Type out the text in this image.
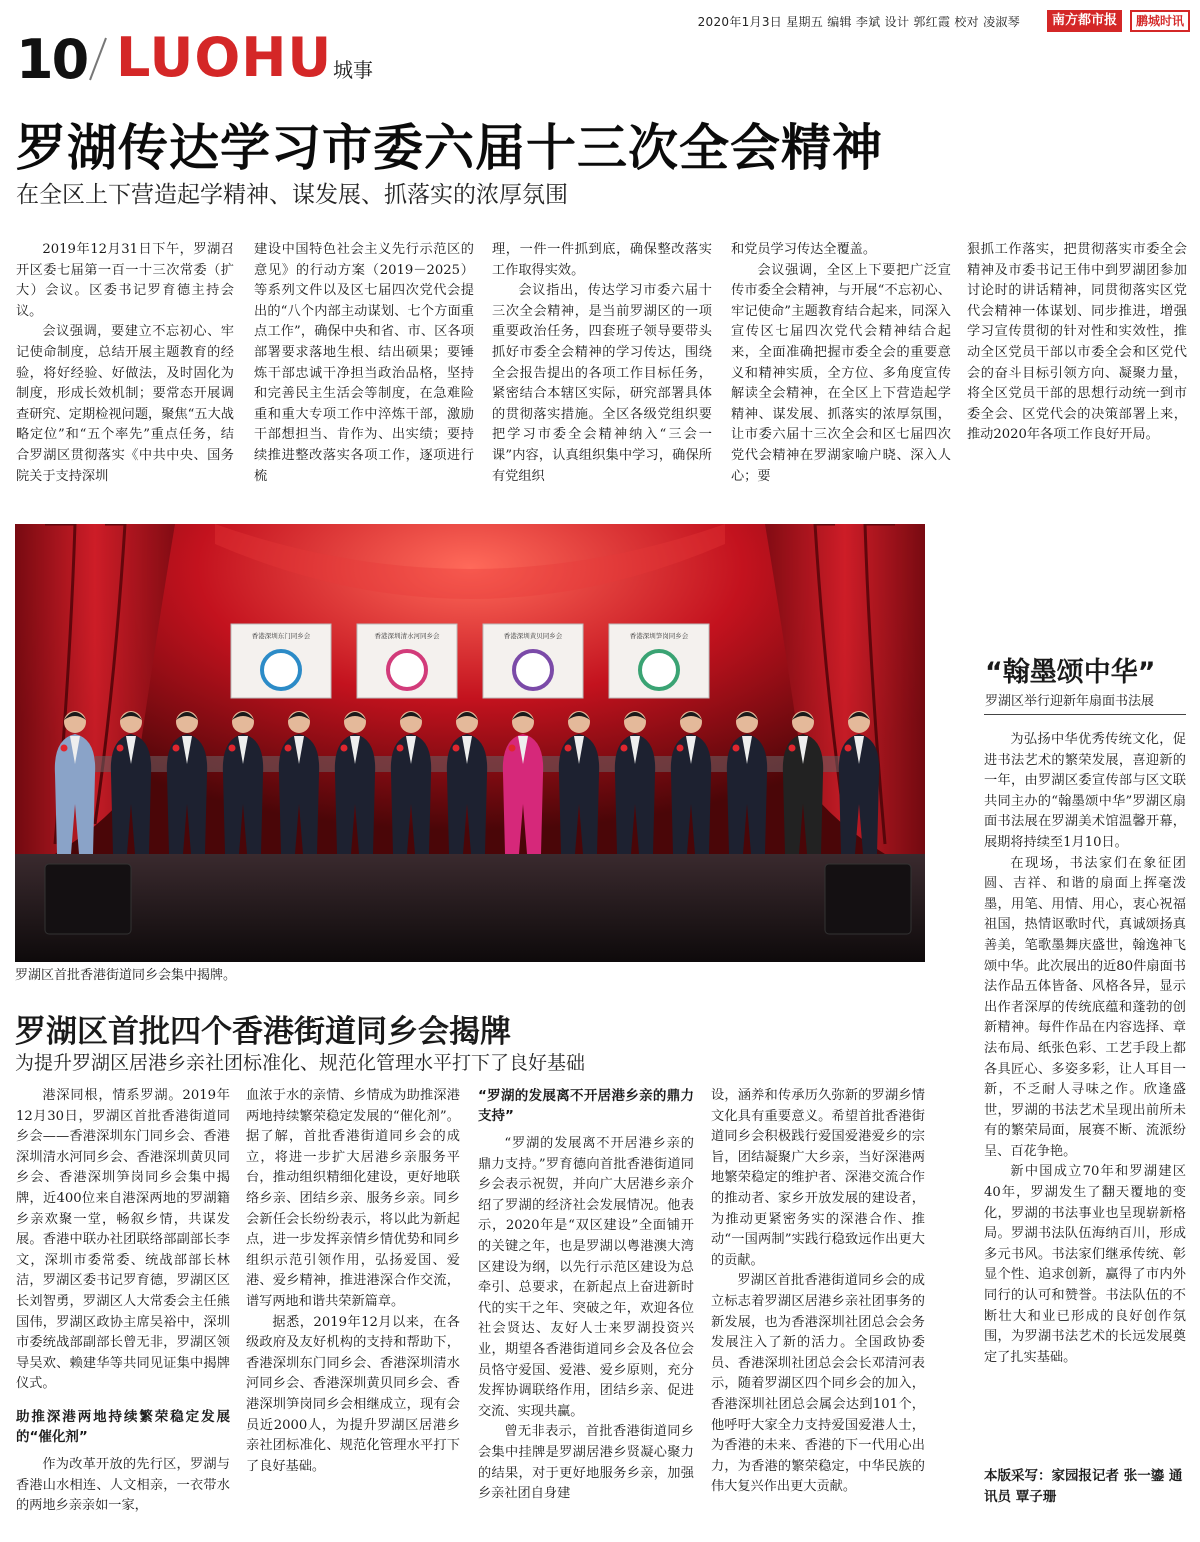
2020年1月3日 星期五 编辑 李斌 设计 郭红霞 校对 凌淑琴	南方都市报	鹏城时讯
10 LUOHU 城事
罗湖传达学习市委六届十三次全会精神
在全区上下营造起学精神、谋发展、抓落实的浓厚氛围

2019年12月31日下午，罗湖召开区委七届第一百一十三次常委（扩大）会议。区委书记罗育德主持会议。

会议强调，要建立不忘初心、牢记使命制度，总结开展主题教育的经验，将好经验、好做法，及时固化为制度，形成长效机制；要常态开展调查研究、定期检视问题，聚焦“五大战略定位”和“五个率先”重点任务，结合罗湖区贯彻落实《中共中央、国务院关于支持深圳

建设中国特色社会主义先行示范区的意见》的行动方案（2019－2025）等系列文件以及区七届四次党代会提出的“八个内部主动谋划、七个方面重点工作”，确保中央和省、市、区各项部署要求落地生根、结出硕果；要锤炼干部忠诚干净担当政治品格，坚持和完善民主生活会等制度，在急难险重和重大专项工作中淬炼干部，激励干部想担当、肯作为、出实绩；要持续推进整改落实各项工作，逐项进行梳

理，一件一件抓到底，确保整改落实工作取得实效。

会议指出，传达学习市委六届十三次全会精神，是当前罗湖区的一项重要政治任务，四套班子领导要带头抓好市委全会精神的学习传达，围绕全会报告提出的各项工作目标任务，紧密结合本辖区实际，研究部署具体的贯彻落实措施。全区各级党组织要把学习市委全会精神纳入“三会一课”内容，认真组织集中学习，确保所有党组织

和党员学习传达全覆盖。

会议强调，全区上下要把广泛宣传市委全会精神，与开展“不忘初心、牢记使命”主题教育结合起来，同深入宣传区七届四次党代会精神结合起来，全面准确把握市委全会的重要意义和精神实质，全方位、多角度宣传解读全会精神，在全区上下营造起学精神、谋发展、抓落实的浓厚氛围，让市委六届十三次全会和区七届四次党代会精神在罗湖家喻户晓、深入人心；要

狠抓工作落实，把贯彻落实市委全会精神及市委书记王伟中到罗湖团参加讨论时的讲话精神，同贯彻落实区党代会精神一体谋划、同步推进，增强学习宣传贯彻的针对性和实效性，推动全区党员干部以市委全会和区党代会的奋斗目标引领方向、凝聚力量，将全区党员干部的思想行动统一到市委全会、区党代会的决策部署上来，推动2020年各项工作良好开局。

香港深圳东门同乡会	香港深圳清水河同乡会	香港深圳黄贝同乡会	香港深圳笋岗同乡会
罗湖区首批香港街道同乡会集中揭牌。
罗湖区首批四个香港街道同乡会揭牌
为提升罗湖区居港乡亲社团标准化、规范化管理水平打下了良好基础

港深同根，情系罗湖。2019年12月30日，罗湖区首批香港街道同乡会——香港深圳东门同乡会、香港深圳清水河同乡会、香港深圳黄贝同乡会、香港深圳笋岗同乡会集中揭牌，近400位来自港深两地的罗湖籍乡亲欢聚一堂，畅叙乡情，共谋发展。香港中联办社团联络部副部长李文，深圳市委常委、统战部部长林洁，罗湖区委书记罗育德，罗湖区区长刘智勇，罗湖区人大常委会主任熊国伟，罗湖区政协主席吴裕中，深圳市委统战部副部长曾无非，罗湖区领导吴欢、赖建华等共同见证集中揭牌仪式。

助推深港两地持续繁荣稳定发展的“催化剂”

作为改革开放的先行区，罗湖与香港山水相连、人文相亲，一衣带水的两地乡亲亲如一家，

血浓于水的亲情、乡情成为助推深港两地持续繁荣稳定发展的“催化剂”。据了解，首批香港街道同乡会的成立，将进一步扩大居港乡亲服务平台，推动组织精细化建设，更好地联络乡亲、团结乡亲、服务乡亲。同乡会新任会长纷纷表示，将以此为新起点，进一步发挥亲情乡情优势和同乡组织示范引领作用，弘扬爱国、爱港、爱乡精神，推进港深合作交流，谱写两地和谐共荣新篇章。

据悉，2019年12月以来，在各级政府及友好机构的支持和帮助下，香港深圳东门同乡会、香港深圳清水河同乡会、香港深圳黄贝同乡会、香港深圳笋岗同乡会相继成立，现有会员近2000人，为提升罗湖区居港乡亲社团标准化、规范化管理水平打下了良好基础。

“罗湖的发展离不开居港乡亲的鼎力支持”

“罗湖的发展离不开居港乡亲的鼎力支持。”罗育德向首批香港街道同乡会表示祝贺，并向广大居港乡亲介绍了罗湖的经济社会发展情况。他表示，2020年是“双区建设”全面铺开的关键之年，也是罗湖以粤港澳大湾区建设为纲，以先行示范区建设为总牵引、总要求，在新起点上奋进新时代的实干之年、突破之年，欢迎各位社会贤达、友好人士来罗湖投资兴业，期望各香港街道同乡会及各位会员恪守爱国、爱港、爱乡原则，充分发挥协调联络作用，团结乡亲、促进交流、实现共赢。

曾无非表示，首批香港街道同乡会集中挂牌是罗湖居港乡贤凝心聚力的结果，对于更好地服务乡亲，加强乡亲社团自身建

设，涵养和传承历久弥新的罗湖乡情文化具有重要意义。希望首批香港街道同乡会积极践行爱国爱港爱乡的宗旨，团结凝聚广大乡亲，当好深港两地繁荣稳定的维护者、深港交流合作的推动者、家乡开放发展的建设者，为推动更紧密务实的深港合作、推动“一国两制”实践行稳致远作出更大的贡献。

罗湖区首批香港街道同乡会的成立标志着罗湖区居港乡亲社团事务的新发展，也为香港深圳社团总会会务发展注入了新的活力。全国政协委员、香港深圳社团总会会长邓清河表示，随着罗湖区四个同乡会的加入，香港深圳社团总会属会达到101个，他呼吁大家全力支持爱国爱港人士，为香港的未来、香港的下一代用心出力，为香港的繁荣稳定，中华民族的伟大复兴作出更大贡献。

“翰墨颂中华”
罗湖区举行迎新年扇面书法展

为弘扬中华优秀传统文化，促进书法艺术的繁荣发展，喜迎新的一年，由罗湖区委宣传部与区文联共同主办的“翰墨颂中华”罗湖区扇面书法展在罗湖美术馆温馨开幕，展期将持续至1月10日。

在现场，书法家们在象征团圆、吉祥、和谐的扇面上挥毫泼墨，用笔、用情、用心，衷心祝福祖国，热情讴歌时代，真诚颂扬真善美，笔歌墨舞庆盛世，翰逸神飞颂中华。此次展出的近80件扇面书法作品五体皆备、风格各异，显示出作者深厚的传统底蕴和蓬勃的创新精神。每件作品在内容选择、章法布局、纸张色彩、工艺手段上都各具匠心、多姿多彩，让人耳目一新，不乏耐人寻味之作。欣逢盛世，罗湖的书法艺术呈现出前所未有的繁荣局面，展赛不断、流派纷呈、百花争艳。

新中国成立70年和罗湖建区40年，罗湖发生了翻天覆地的变化，罗湖的书法事业也呈现崭新格局。罗湖书法队伍海纳百川，形成多元书风。书法家们继承传统、彰显个性、追求创新，赢得了市内外同行的认可和赞誉。书法队伍的不断壮大和业已形成的良好创作氛围，为罗湖书法艺术的长远发展奠定了扎实基础。

本版采写：家园报记者 张一鎏 通讯员 覃子珊
